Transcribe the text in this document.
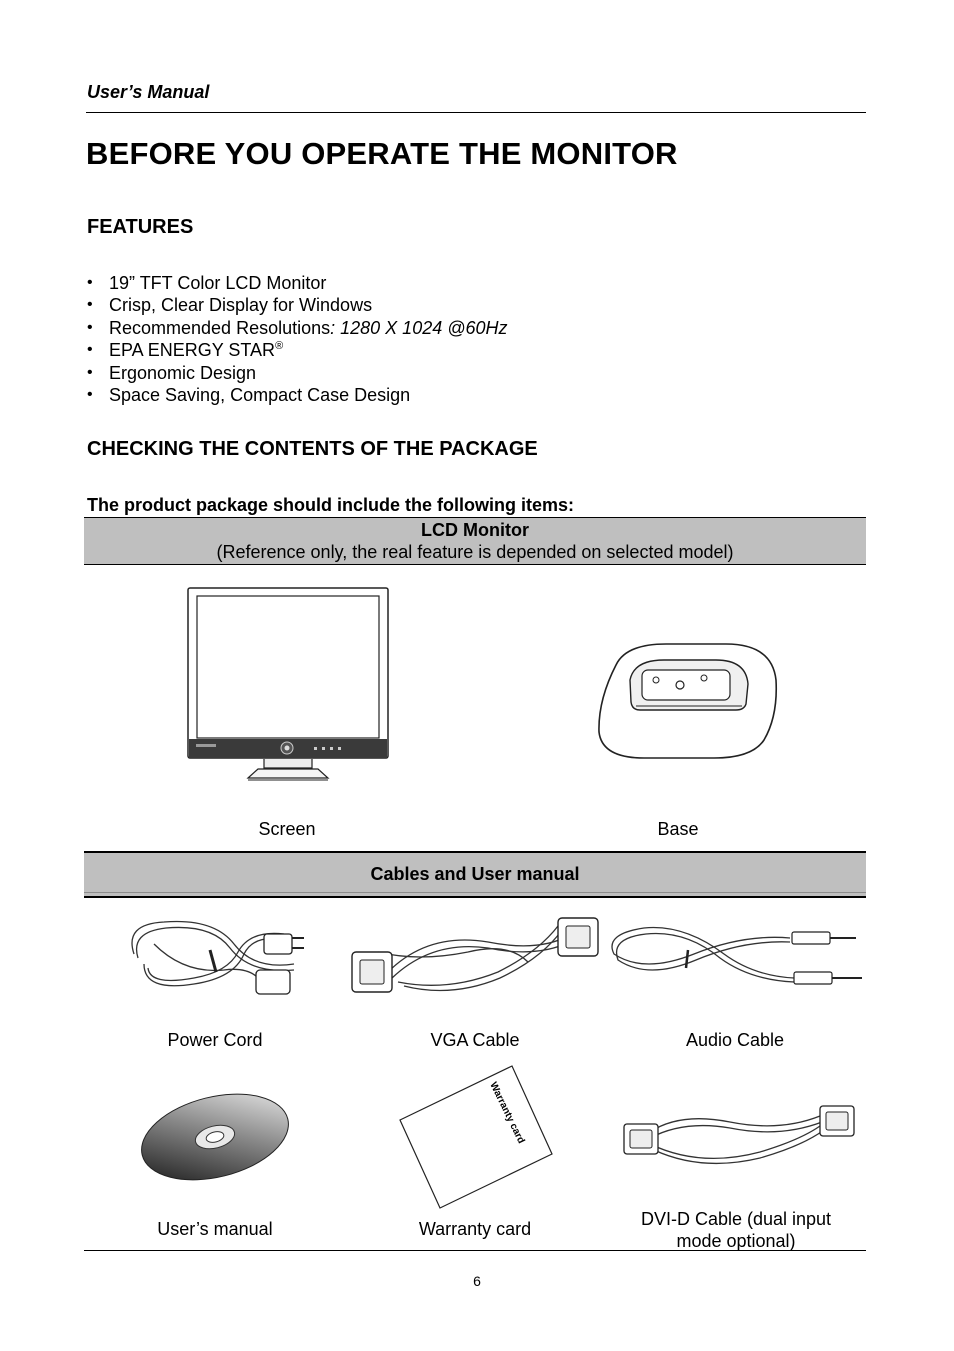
User’s Manual
BEFORE YOU OPERATE THE MONITOR
FEATURES
• 19” TFT Color LCD Monitor
• Crisp, Clear Display for Windows
• Recommended Resolutions: 1280 X 1024 @60Hz
• EPA ENERGY STAR®
• Ergonomic Design
• Space Saving, Compact Case Design
CHECKING THE CONTENTS OF THE PACKAGE
The product package should include the following items:
LCD Monitor
(Reference only, the real feature is depended on selected model)
Screen	Base
Cables and User manual
Power Cord	VGA Cable	Audio Cable
Warranty card
User’s manual	Warranty card	DVI-D Cable (dual input mode optional)
6
